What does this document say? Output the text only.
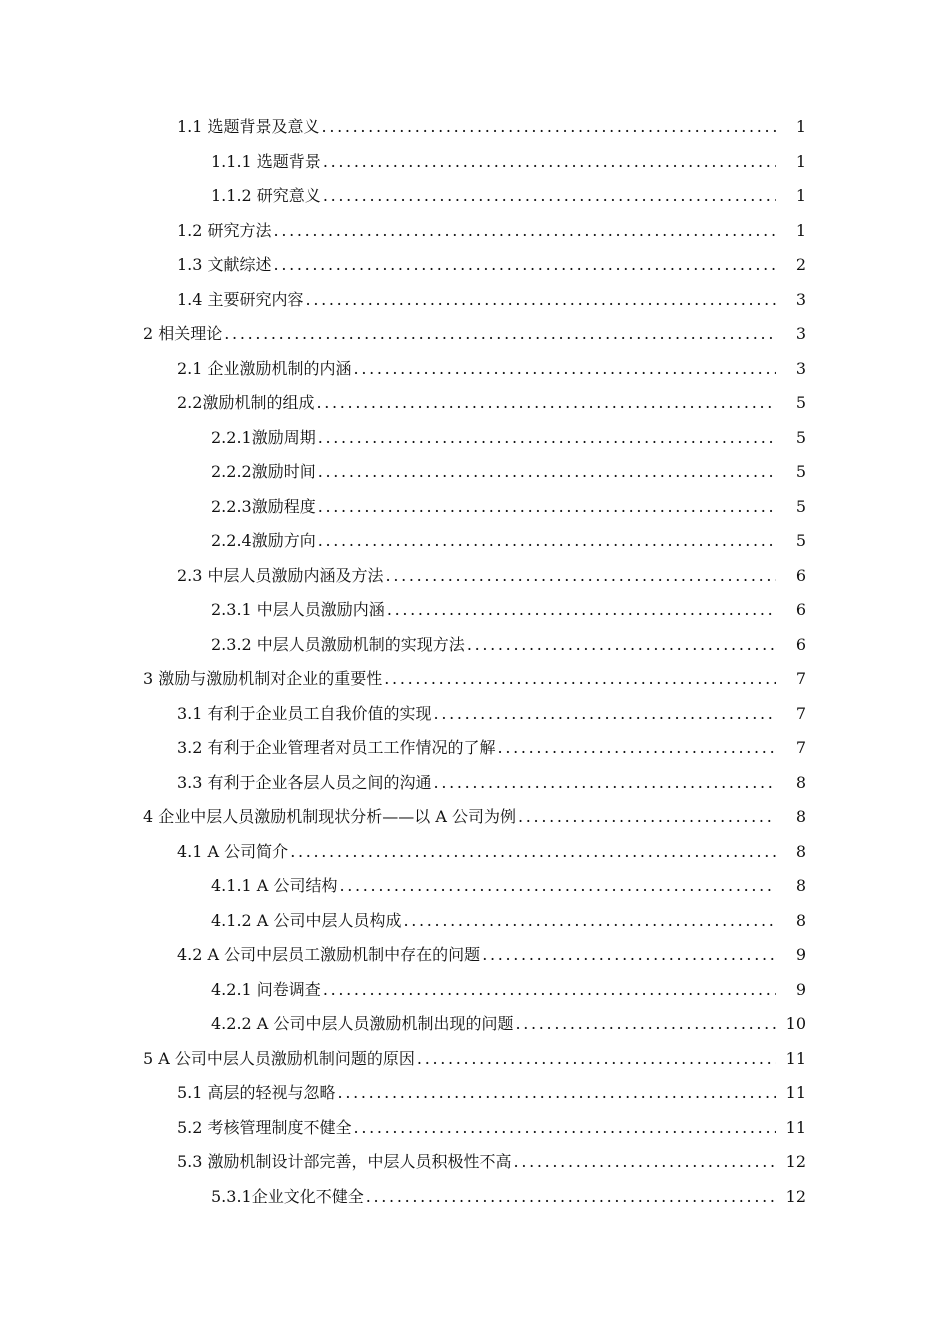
1.1 选题背景及意义 . . .	1
1.1.1 选题背景 . . .	1
1.1.2 研究意义 . . .	1
1.2 研究方法 . . .	1
1.3 文献综述 . . .	2
1.4 主要研究内容 . . .	3
2 相关理论 . . .	3
2.1 企业激励机制的内涵 . . .	3
2.2 激励机制的组成 . . .	5
2.2.1 激励周期 . . .	5
2.2.2 激励时间 . . .	5
2.2.3 激励程度 . . .	5
2.2.4 激励方向 . . .	5
2.3 中层人员激励内涵及方法 . . .	6
2.3.1 中层人员激励内涵 . . .	6
2.3.2 中层人员激励机制的实现方法 . . .	6
3 激励与激励机制对企业的重要性 . . .	7
3.1 有利于企业员工自我价值的实现 . . .	7
3.2 有利于企业管理者对员工工作情况的了解 . . .	7
3.3 有利于企业各层人员之间的沟通 . . .	8
4 企业中层人员激励机制现状分析——以 A 公司为例 . . .	8
4.1 A 公司简介 . . .	8
4.1.1 A 公司结构 . . .	8
4.1.2 A 公司中层人员构成 . . .	8
4.2 A 公司中层员工激励机制中存在的问题 . . .	9
4.2.1 问卷调查 . . .	9
4.2.2 A 公司中层人员激励机制出现的问题 . . .	10
5 A 公司中层人员激励机制问题的原因 . . .	11
5.1 高层的轻视与忽略 . . .	11
5.2 考核管理制度不健全 . . .	11
5.3 激励机制设计部完善，中层人员积极性不高 . . .	12
5.3.1 企业文化不健全 . . .	12
